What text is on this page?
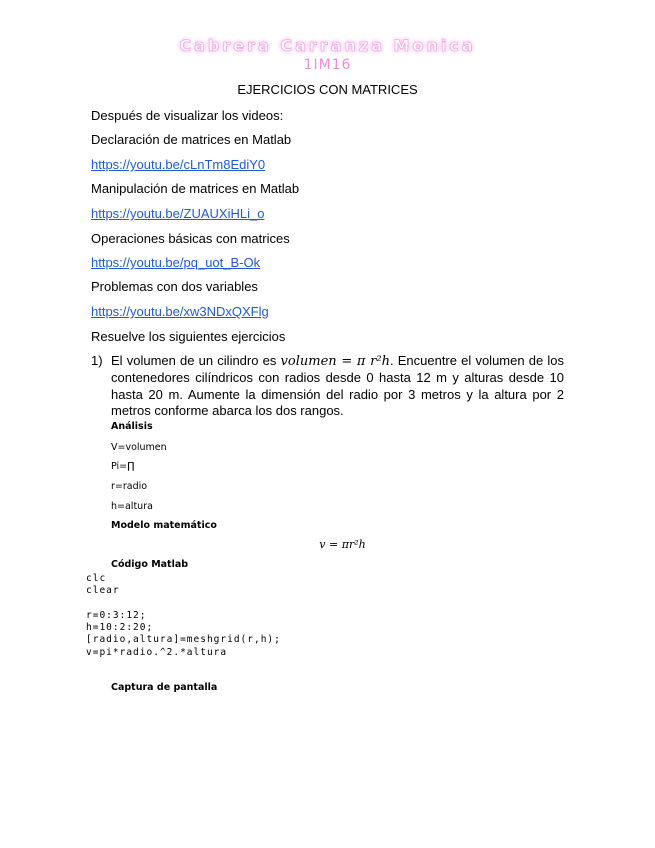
Cabrera Carranza Monica
1IM16
EJERCICIOS CON MATRICES
Después de visualizar los videos:
Declaración de matrices en Matlab
https://youtu.be/cLnTm8EdiY0
Manipulación de matrices en Matlab
https://youtu.be/ZUAUXiHLi_o
Operaciones básicas con matrices
https://youtu.be/pq_uot_B-Ok
Problemas con dos variables
https://youtu.be/xw3NDxQXFlg
Resuelve los siguientes ejercicios
1) El volumen de un cilindro es volumen = π r²h. Encuentre el volumen de los contenedores cilíndricos con radios desde 0 hasta 12 m y alturas desde 10 hasta 20 m. Aumente la dimensión del radio por 3 metros y la altura por 2 metros conforme abarca los dos rangos.
Análisis
V=volumen
Pi=∏
r=radio
h=altura
Modelo matemático
v = πr²h
Código Matlab
clc
clear

r=0:3:12;
h=10:2:20;
[radio,altura]=meshgrid(r,h);
v=pi*radio.^2.*altura
Captura de pantalla
